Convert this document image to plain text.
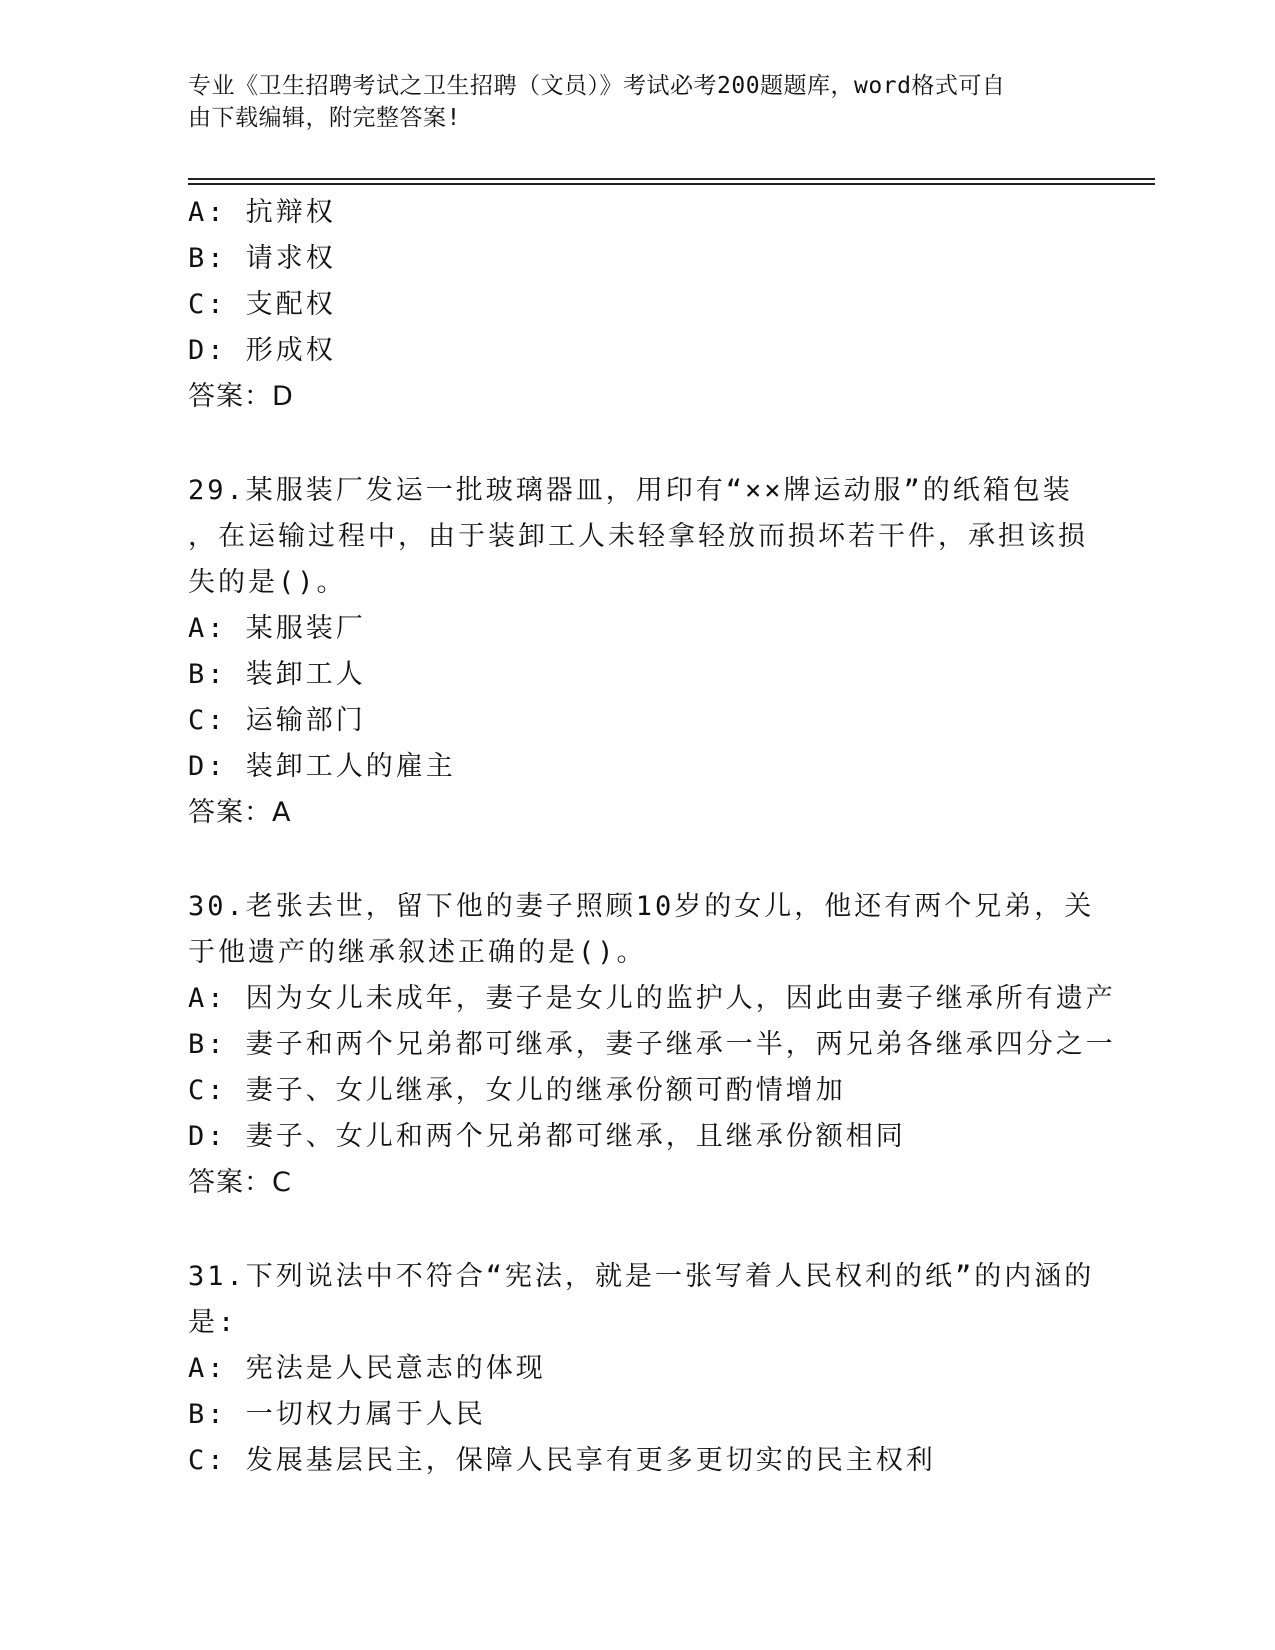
专业《卫生招聘考试之卫生招聘（文员）》考试必考200题题库，word格式可自
由下载编辑，附完整答案!
A: 抗辩权
B: 请求权
C: 支配权
D: 形成权
答案：D
29.某服装厂发运一批玻璃器皿，用印有“××牌运动服”的纸箱包装
，在运输过程中，由于装卸工人未轻拿轻放而损坏若干件，承担该损
失的是()。
A: 某服装厂
B: 装卸工人
C: 运输部门
D: 装卸工人的雇主
答案：A
30.老张去世，留下他的妻子照顾10岁的女儿，他还有两个兄弟，关
于他遗产的继承叙述正确的是()。
A: 因为女儿未成年，妻子是女儿的监护人，因此由妻子继承所有遗产
B: 妻子和两个兄弟都可继承，妻子继承一半，两兄弟各继承四分之一
C: 妻子、女儿继承，女儿的继承份额可酌情增加
D: 妻子、女儿和两个兄弟都可继承，且继承份额相同
答案：C
31.下列说法中不符合“宪法，就是一张写着人民权利的纸”的内涵的
是:
A: 宪法是人民意志的体现
B: 一切权力属于人民
C: 发展基层民主，保障人民享有更多更切实的民主权利
